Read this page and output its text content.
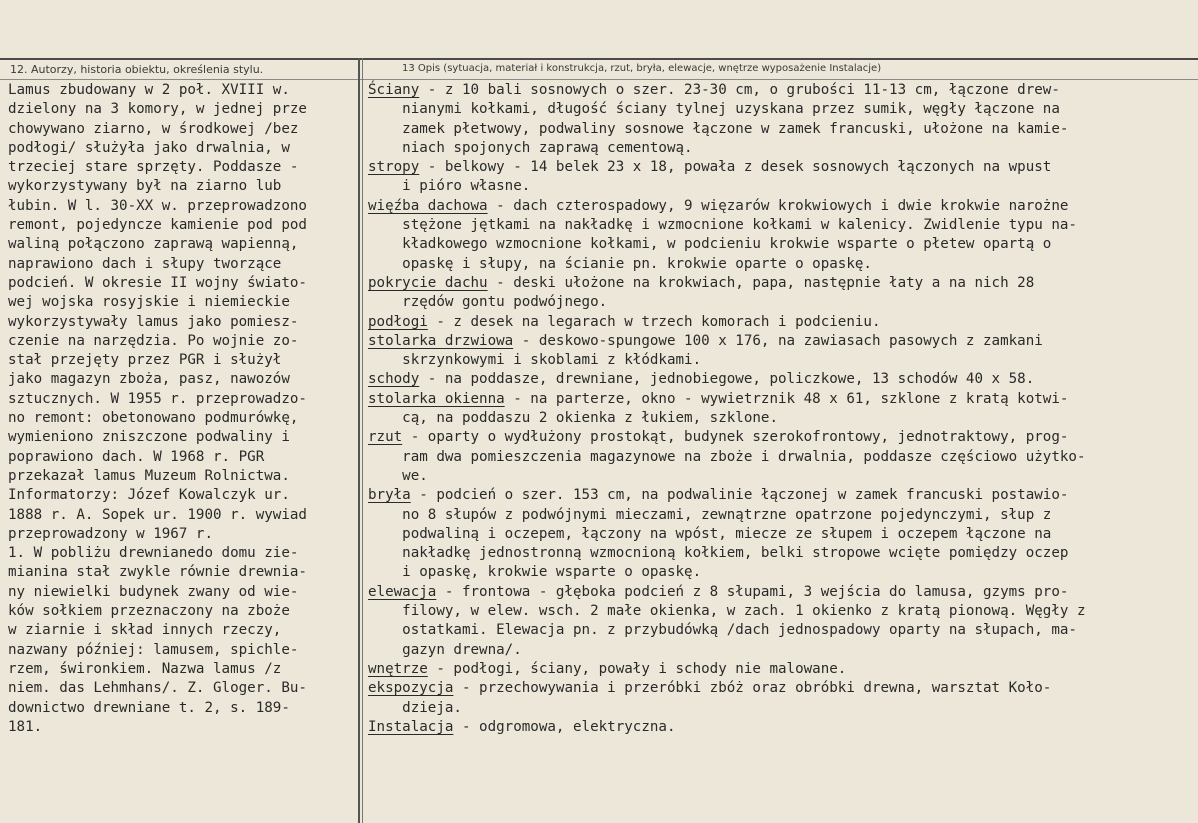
12. Autorzy, historia obiektu, określenia stylu.	13 Opis (sytuacja, materiał i konstrukcja, rzut, bryła, elewacje, wnętrze wyposażenie Instalacje)
Lamus zbudowany w 2 poł. XVIII w.
dzielony na 3 komory, w jednej prze
chowywano ziarno, w środkowej /bez
podłogi/ służyła jako drwalnia, w
trzeciej stare sprzęty. Poddasze -
wykorzystywany był na ziarno lub
łubin. W l. 30-XX w. przeprowadzono
remont, pojedyncze kamienie pod pod
waliną połączono zaprawą wapienną,
naprawiono dach i słupy tworzące
podcień. W okresie II wojny świato-
wej wojska rosyjskie i niemieckie
wykorzystywały lamus jako pomiesz-
czenie na narzędzia. Po wojnie zo-
stał przejęty przez PGR i służył
jako magazyn zboża, pasz, nawozów
sztucznych. W 1955 r. przeprowadzo-
no remont: obetonowano podmurówkę,
wymieniono zniszczone podwaliny i
poprawiono dach. W 1968 r. PGR
przekazał lamus Muzeum Rolnictwa.
Informatorzy: Józef Kowalczyk ur.
1888 r. A. Sopek ur. 1900 r. wywiad
przeprowadzony w 1967 r.
1. W pobliżu drewnianedo domu zie-
mianina stał zwykle równie drewnia-
ny niewielki budynek zwany od wie-
ków sołkiem przeznaczony na zboże
w ziarnie i skład innych rzeczy,
nazwany później: lamusem, spichle-
rzem, świronkiem. Nazwa lamus /z
niem. das Lehmhans/. Z. Gloger. Bu-
downictwo drewniane t. 2, s. 189-
181.
Ściany - z 10 bali sosnowych o szer. 23-30 cm, o grubości 11-13 cm, łączone drew-
nianymi kołkami, długość ściany tylnej uzyskana przez sumik, węgły łączone na
zamek płetwowy, podwaliny sosnowe łączone w zamek francuski, ułożone na kamie-
niach spojonych zaprawą cementową.
stropy - belkowy - 14 belek 23 x 18, powała z desek sosnowych łączonych na wpust
i pióro własne.
więźba dachowa - dach czterospadowy, 9 więzarów krokwiowych i dwie krokwie narożne
stężone jętkami na nakładkę i wzmocnione kołkami w kalenicy. Zwidlenie typu na-
kładkowego wzmocnione kołkami, w podcieniu krokwie wsparte o płetew opartą o
opaskę i słupy, na ścianie pn. krokwie oparte o opaskę.
pokrycie dachu - deski ułożone na krokwiach, papa, następnie łaty a na nich 28
rzędów gontu podwójnego.
podłogi - z desek na legarach w trzech komorach i podcieniu.
stolarka drzwiowa - deskowo-spungowe 100 x 176, na zawiasach pasowych z zamkani
skrzynkowymi i skoblami z kłódkami.
schody - na poddasze, drewniane, jednobiegowe, policzkowe, 13 schodów 40 x 58.
stolarka okienna - na parterze, okno - wywietrznik 48 x 61, szklone z kratą kotwi-
cą, na poddaszu 2 okienka z łukiem, szklone.
rzut - oparty o wydłużony prostokąt, budynek szerokofrontowy, jednotraktowy, prog-
ram dwa pomieszczenia magazynowe na zboże i drwalnia, poddasze częściowo użytko-
we.
bryła - podcień o szer. 153 cm, na podwalinie łączonej w zamek francuski postawio-
no 8 słupów z podwójnymi mieczami, zewnątrzne opatrzone pojedynczymi, słup z
podwaliną i oczepem, łączony na wpóst, miecze ze słupem i oczepem łączone na
nakładkę jednostronną wzmocnioną kołkiem, belki stropowe wcięte pomiędzy oczep
i opaskę, krokwie wsparte o opaskę.
elewacja - frontowa - głęboka podcień z 8 słupami, 3 wejścia do lamusa, gzyms pro-
filowy, w elew. wsch. 2 małe okienka, w zach. 1 okienko z kratą pionową. Węgły z
ostatkami. Elewacja pn. z przybudówką /dach jednospadowy oparty na słupach, ma-
gazyn drewna/.
wnętrze - podłogi, ściany, powały i schody nie malowane.
ekspozycja - przechowywania i przeróbki zbóż oraz obróbki drewna, warsztat Koło-
dzieja.
Instalacja - odgromowa, elektryczna.
